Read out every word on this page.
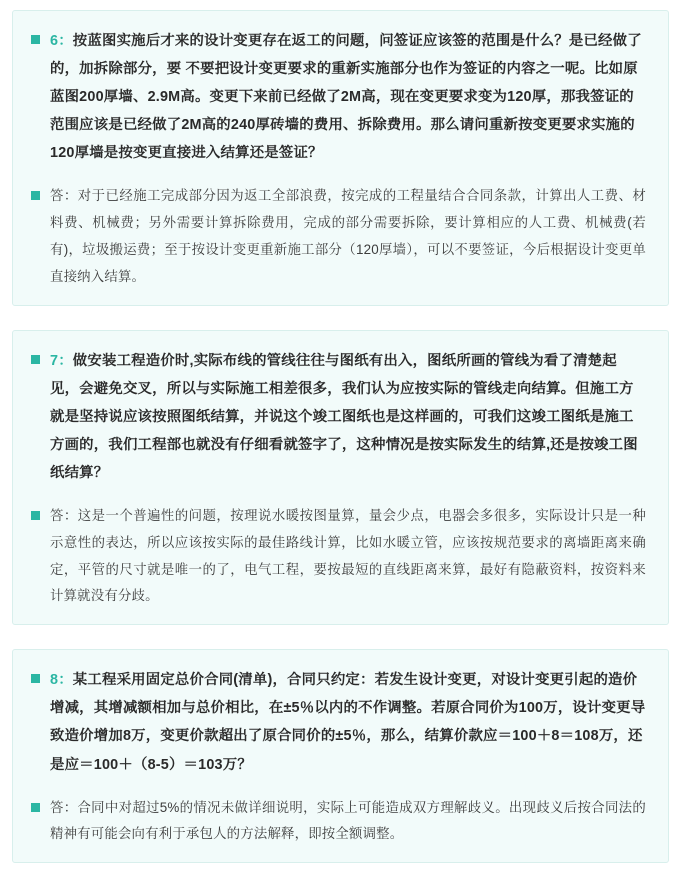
6：按蓝图实施后才来的设计变更存在返工的问题，问签证应该签的范围是什么？是已经做了的，加拆除部分，要 不要把设计变更要求的重新实施部分也作为签证的内容之一呢。比如原蓝图200厚墙、2.9M高。变更下来前已经做了2M高，现在变更要求变为120厚，那我签证的范围应该是已经做了2M高的240厚砖墙的费用、拆除费用。那么请问重新按变更要求实施的120厚墙是按变更直接进入结算还是签证？
答：对于已经施工完成部分因为返工全部浪费，按完成的工程量结合合同条款，计算出人工费、材料费、机械费；另外需要计算拆除费用，完成的部分需要拆除，要计算相应的人工费、机械费(若有)，垃圾搬运费；至于按设计变更重新施工部分（120厚墙），可以不要签证，今后根据设计变更单直接纳入结算。
7：做安装工程造价时,实际布线的管线往往与图纸有出入，图纸所画的管线为看了清楚起见，会避免交叉，所以与实际施工相差很多，我们认为应按实际的管线走向结算。但施工方就是坚持说应该按照图纸结算，并说这个竣工图纸也是这样画的，可我们这竣工图纸是施工方画的，我们工程部也就没有仔细看就签字了，这种情况是按实际发生的结算,还是按竣工图纸结算？
答：这是一个普遍性的问题，按理说水暖按图量算，量会少点，电器会多很多，实际设计只是一种示意性的表达，所以应该按实际的最佳路线计算，比如水暖立管，应该按规范要求的离墙距离来确定，平管的尺寸就是唯一的了，电气工程，要按最短的直线距离来算，最好有隐蔽资料，按资料来计算就没有分歧。
8：某工程采用固定总价合同(清单)，合同只约定：若发生设计变更，对设计变更引起的造价增减，其增减额相加与总价相比，在±5％以内的不作调整。若原合同价为100万，设计变更导致造价增加8万，变更价款超出了原合同价的±5％，那么，结算价款应＝100＋8＝108万，还是应＝100＋（8-5）＝103万？
答：合同中对超过5%的情况未做详细说明，实际上可能造成双方理解歧义。出现歧义后按合同法的精神有可能会向有利于承包人的方法解释，即按全额调整。
